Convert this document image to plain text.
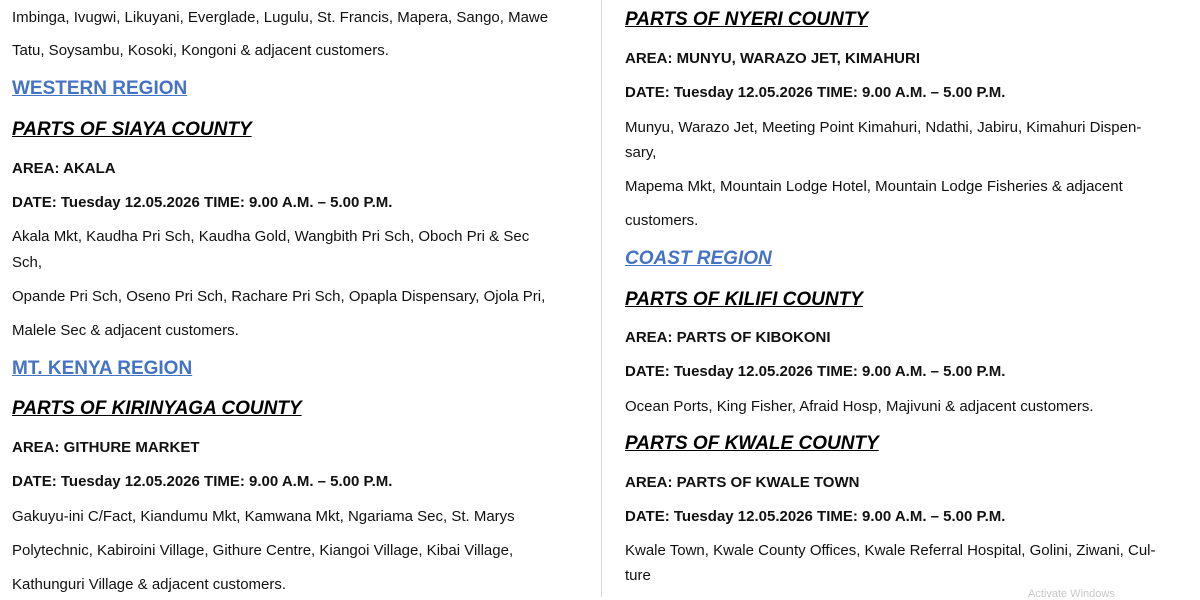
Imbinga, Ivugwi, Likuyani, Everglade, Lugulu, St. Francis, Mapera, Sango, Mawe
Tatu, Soysambu, Kosoki, Kongoni & adjacent customers.
WESTERN REGION
PARTS OF SIAYA COUNTY
AREA: AKALA
DATE: Tuesday 12.05.2026 TIME: 9.00 A.M. – 5.00 P.M.
Akala Mkt, Kaudha Pri Sch, Kaudha Gold, Wangbith Pri Sch, Oboch Pri & Sec
Sch,
Opande Pri Sch, Oseno Pri Sch, Rachare Pri Sch, Opapla Dispensary, Ojola Pri,
Malele Sec & adjacent customers.
MT. KENYA REGION
PARTS OF KIRINYAGA COUNTY
AREA: GITHURE MARKET
DATE: Tuesday 12.05.2026 TIME: 9.00 A.M. – 5.00 P.M.
Gakuyu-ini C/Fact, Kiandumu Mkt, Kamwana Mkt, Ngariama Sec, St. Marys
Polytechnic, Kabiroini Village, Githure Centre, Kiangoi Village, Kibai Village,
Kathunguri Village & adjacent customers.
PARTS OF NYERI COUNTY
AREA: MUNYU, WARAZO JET, KIMAHURI
DATE: Tuesday 12.05.2026 TIME: 9.00 A.M. – 5.00 P.M.
Munyu, Warazo Jet, Meeting Point Kimahuri, Ndathi, Jabiru, Kimahuri Dispen-
sary,
Mapema Mkt, Mountain Lodge Hotel, Mountain Lodge Fisheries & adjacent
customers.
COAST REGION
PARTS OF KILIFI COUNTY
AREA: PARTS OF KIBOKONI
DATE: Tuesday 12.05.2026 TIME: 9.00 A.M. – 5.00 P.M.
Ocean Ports, King Fisher, Afraid Hosp, Majivuni & adjacent customers.
PARTS OF KWALE COUNTY
AREA: PARTS OF KWALE TOWN
DATE: Tuesday 12.05.2026 TIME: 9.00 A.M. – 5.00 P.M.
Kwale Town, Kwale County Offices, Kwale Referral Hospital, Golini, Ziwani, Cul-
ture
Activate Windows
